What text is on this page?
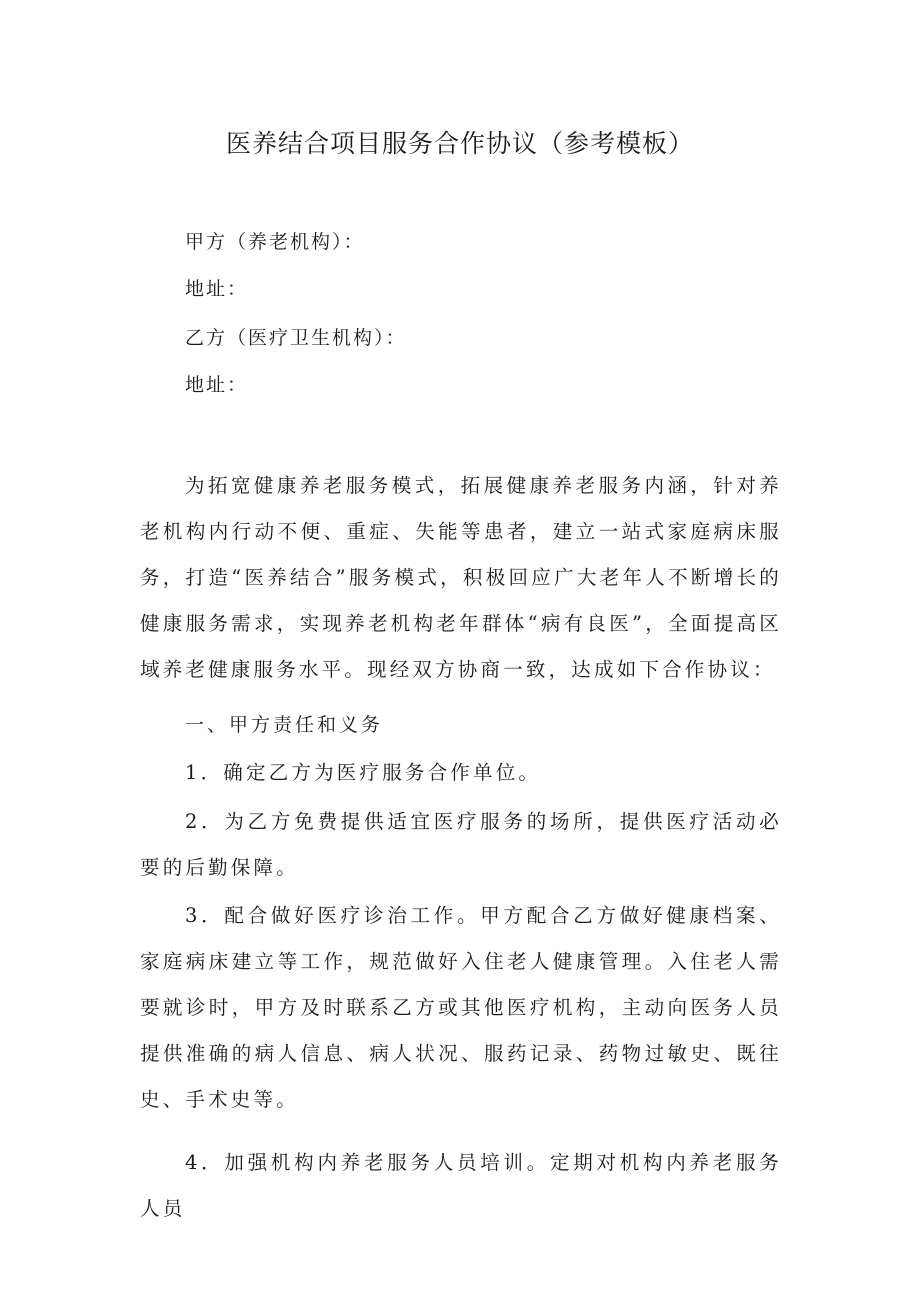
医养结合项目服务合作协议（参考模板）
甲方（养老机构）：
地址：
乙方（医疗卫生机构）：
地址：
为拓宽健康养老服务模式，拓展健康养老服务内涵，针对养老机构内行动不便、重症、失能等患者，建立一站式家庭病床服务，打造“医养结合”服务模式，积极回应广大老年人不断增长的健康服务需求，实现养老机构老年群体“病有良医”，全面提高区域养老健康服务水平。现经双方协商一致，达成如下合作协议：
一、甲方责任和义务
1．确定乙方为医疗服务合作单位。
2．为乙方免费提供适宜医疗服务的场所，提供医疗活动必要的后勤保障。
3．配合做好医疗诊治工作。甲方配合乙方做好健康档案、家庭病床建立等工作，规范做好入住老人健康管理。入住老人需要就诊时，甲方及时联系乙方或其他医疗机构，主动向医务人员提供准确的病人信息、病人状况、服药记录、药物过敏史、既往史、手术史等。
4．加强机构内养老服务人员培训。定期对机构内养老服务人员
